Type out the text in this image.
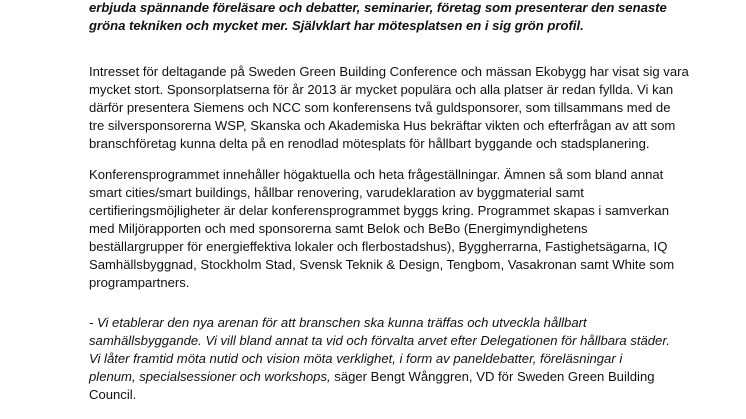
erbjuda spännande föreläsare och debatter, seminarier, företag som presenterar den senaste
gröna tekniken och mycket mer. Självklart har mötesplatsen en i sig grön profil.
Intresset för deltagande på Sweden Green Building Conference och mässan Ekobygg har visat sig vara
mycket stort. Sponsorplatserna för år 2013 är mycket populära och alla platser är redan fyllda. Vi kan
därför presentera Siemens och NCC som konferensens två guldsponsorer, som tillsammans med de
tre silversponsorerna WSP, Skanska och Akademiska Hus bekräftar vikten och efterfrågan av att som
branschföretag kunna delta på en renodlad mötesplats för hållbart byggande och stadsplanering.
Konferensprogrammet innehåller högaktuella och heta frågeställningar. Ämnen så som bland annat
smart cities/smart buildings, hållbar renovering, varudeklaration av byggmaterial samt
certifieringsmöjligheter är delar konferensprogrammet byggs kring. Programmet skapas i samverkan
med Miljörapporten och med sponsorerna samt Belok och BeBo (Energimyndighetens
beställargrupper för energieffektiva lokaler och flerbostadshus), Byggherrarna, Fastighetsägarna, IQ
Samhällsbyggnad, Stockholm Stad, Svensk Teknik & Design, Tengbom, Vasakronan samt White som
programpartners.
- Vi etablerar den nya arenan för att branschen ska kunna träffas och utveckla hållbart
samhällsbyggande. Vi vill bland annat ta vid och förvalta arvet efter Delegationen för hållbara städer.
Vi låter framtid möta nutid och vision möta verklighet, i form av paneldebatter, föreläsningar i
plenum, specialsessioner och workshops, säger Bengt Wånggren, VD för Sweden Green Building
Council.
